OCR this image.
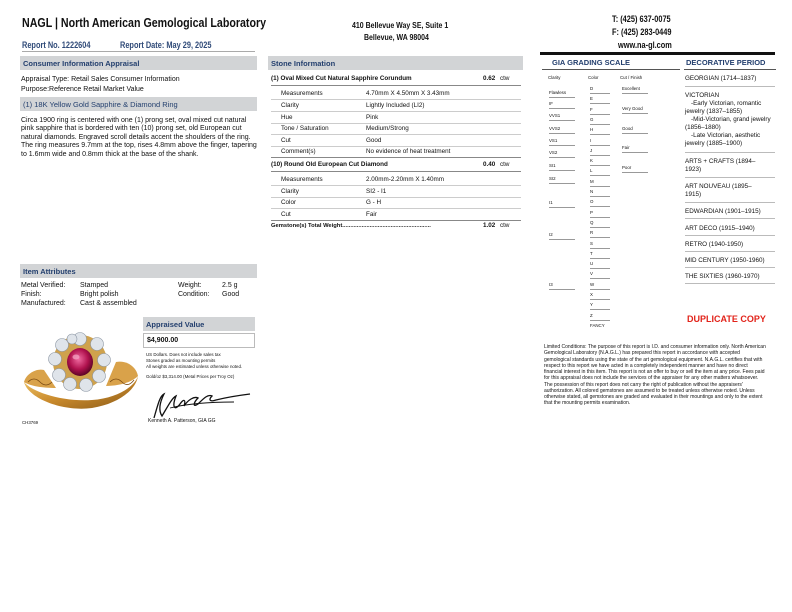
NAGL | North American Gemological Laboratory	410 Bellevue Way SE, Suite 1
Bellevue, WA 98004
T: (425) 637-0075
F: (425) 283-0449
www.na-gl.com
Report No. 1222604	Report Date: May 29, 2025
Consumer Information Appraisal
Appraisal Type: Retail Sales Consumer Information
Purpose:Reference Retail Market Value
(1) 18K Yellow Gold Sapphire & Diamond Ring
Circa 1900 ring is centered with one (1) prong set, oval mixed cut natural pink sapphire that is bordered with ten (10) prong set, old European cut natural diamonds. Engraved scroll details accent the shoulders of the ring. The ring measures 9.7mm at the top, rises 4.8mm above the finger, tapering to 1.6mm wide and 0.8mm thick at the base of the shank.
Item Attributes
Metal Verified: Stamped
Finish:	Bright polish
Manufactured: Cast & assembled
Weight:	2.5 g
Condition: Good
CH3769
Appraised Value
$4,900.00
US Dollars. Does not include sales tax
Stones graded as mounting permits
All weights are estimated unless otherwise noted.
Gold/oz $3,314.00 (Metal Prices per Troy Oz)
Kenneth A. Patterson, GIA GG
Stone Information
(1) Oval Mixed Cut Natural Sapphire Corundum	0.62 ctw
Measurements	4.70mm X 4.50mm X 3.43mm
Clarity	Lightly Included (LI2)
Hue	Pink
Tone / Saturation	Medium/Strong
Cut	Good
Comment(s)	No evidence of heat treatment
(10) Round Old European Cut Diamond	0.40 ctw
Measurements	2.00mm-2.20mm X 1.40mm
Clarity	SI2 - I1
Color	G - H
Cut	Fair
Gemstone(s) Total Weight.......................................................	1.02 ctw
GIA GRADING SCALE
Clarity	Color	Cut / Finish
Flawless
IF
VVS1
VVS2
VS1
VS2
SI1
SI2
I1
I2
I3
D
E
F
G
H
I
J
K
L
M
N
O
P
Q
R
S
T
U
V
W
X
Y
Z
FANCY
Excellent
Very Good
Good
Fair
Poor
Limited Conditions: The purpose of this report is I.D. and consumer information only. North American Gemological Laboratory (N.A.G.L.) has prepared this report in accordance with accepted gemological standards using the state of the art gemological equipment. N.A.G.L. certifies that with respect to this report we have acted in a completely independent manner and have no direct financial interest in this item. This report is not an offer to buy or sell the item at any price. Fees paid for this appraisal does not include the services of the appraiser for any other matters whatsoever. The possession of this report does not carry the right of publication without the appraisers' authorization. All colored gemstones are assumed to be treated unless otherwise noted. Unless otherwise stated, all gemstones are graded and evaluated in their mountings and only to the extent that the mounting permits examination.
DECORATIVE PERIOD
GEORGIAN (1714–1837)
VICTORIAN
-Early Victorian, romantic jewelry (1837–1855)
-Mid-Victorian, grand jewelry (1856–1880)
-Late Victorian, aesthetic jewelry (1885–1900)
ARTS + CRAFTS (1894–1923)
ART NOUVEAU (1895–1915)
EDWARDIAN (1901–1915)
ART DECO (1915–1940)
RETRO (1940-1950)
MID CENTURY (1950-1960)
THE SIXTIES (1960-1970)
DUPLICATE COPY
